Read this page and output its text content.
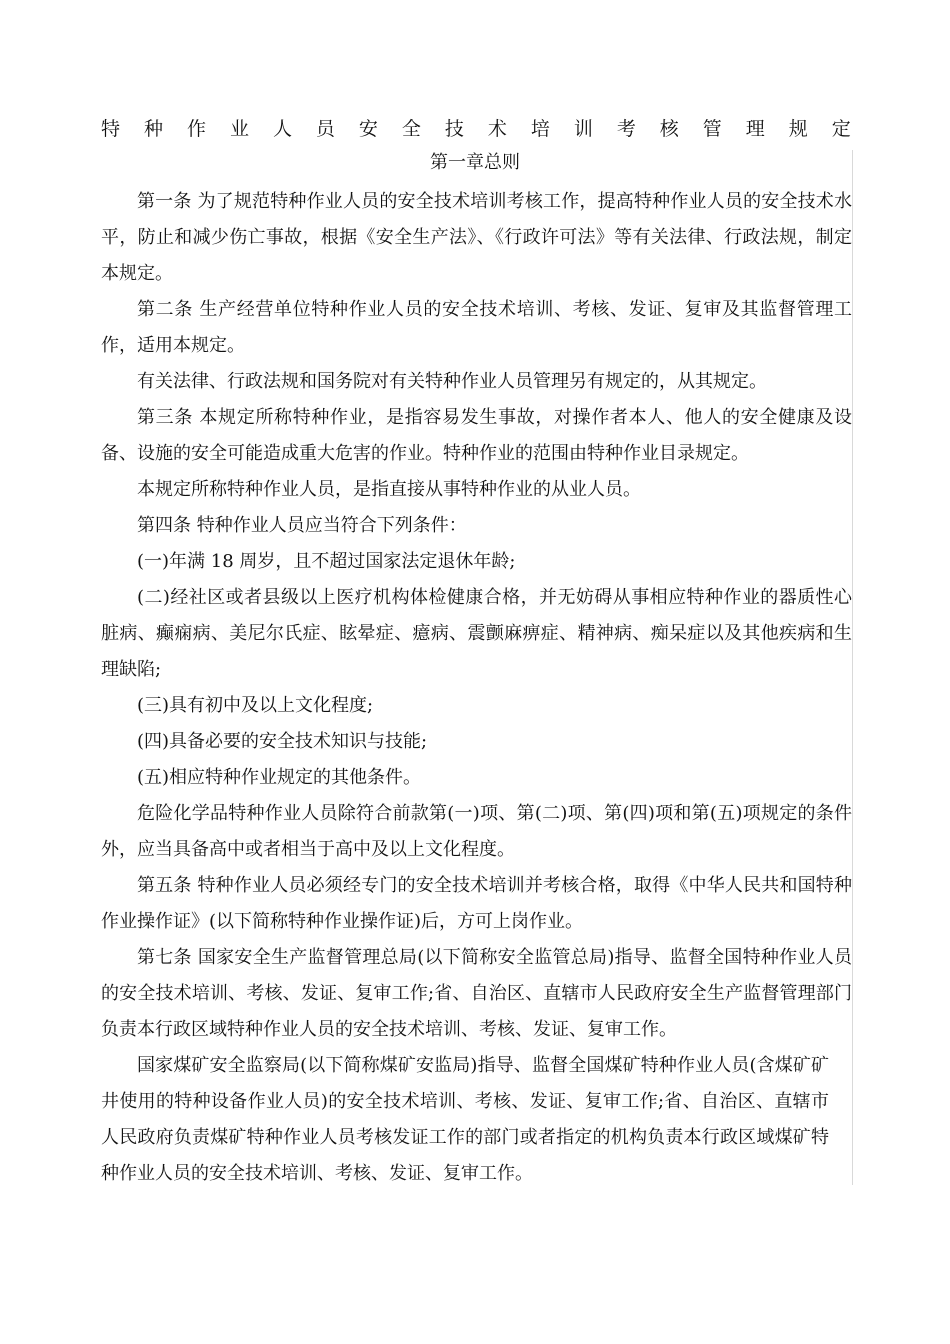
特 种 作 业 人 员 安 全 技 术 培 训 考 核 管 理 规 定
第一章总则

第一条 为了规范特种作业人员的安全技术培训考核工作，提高特种作业人员的安全技术水平，防止和减少伤亡事故，根据《安全生产法》、《行政许可法》等有关法律、行政法规，制定本规定。

第二条 生产经营单位特种作业人员的安全技术培训、考核、发证、复审及其监督管理工作，适用本规定。

有关法律、行政法规和国务院对有关特种作业人员管理另有规定的，从其规定。

第三条 本规定所称特种作业，是指容易发生事故，对操作者本人、他人的安全健康及设备、设施的安全可能造成重大危害的作业。特种作业的范围由特种作业目录规定。

本规定所称特种作业人员，是指直接从事特种作业的从业人员。

第四条 特种作业人员应当符合下列条件：

(一)年满 18 周岁，且不超过国家法定退休年龄;

(二)经社区或者县级以上医疗机构体检健康合格，并无妨碍从事相应特种作业的器质性心脏病、癫痫病、美尼尔氏症、眩晕症、癔病、震颤麻痹症、精神病、痴呆症以及其他疾病和生理缺陷;

(三)具有初中及以上文化程度;

(四)具备必要的安全技术知识与技能;

(五)相应特种作业规定的其他条件。

危险化学品特种作业人员除符合前款第(一)项、第(二)项、第(四)项和第(五)项规定的条件外，应当具备高中或者相当于高中及以上文化程度。

第五条 特种作业人员必须经专门的安全技术培训并考核合格，取得《中华人民共和国特种作业操作证》(以下简称特种作业操作证)后，方可上岗作业。

第七条 国家安全生产监督管理总局(以下简称安全监管总局)指导、监督全国特种作业人员的安全技术培训、考核、发证、复审工作;省、自治区、直辖市人民政府安全生产监督管理部门负责本行政区域特种作业人员的安全技术培训、考核、发证、复审工作。

国家煤矿安全监察局(以下简称煤矿安监局)指导、监督全国煤矿特种作业人员(含煤矿矿井使用的特种设备作业人员)的安全技术培训、考核、发证、复审工作;省、自治区、直辖市人民政府负责煤矿特种作业人员考核发证工作的部门或者指定的机构负责本行政区域煤矿特种作业人员的安全技术培训、考核、发证、复审工作。
